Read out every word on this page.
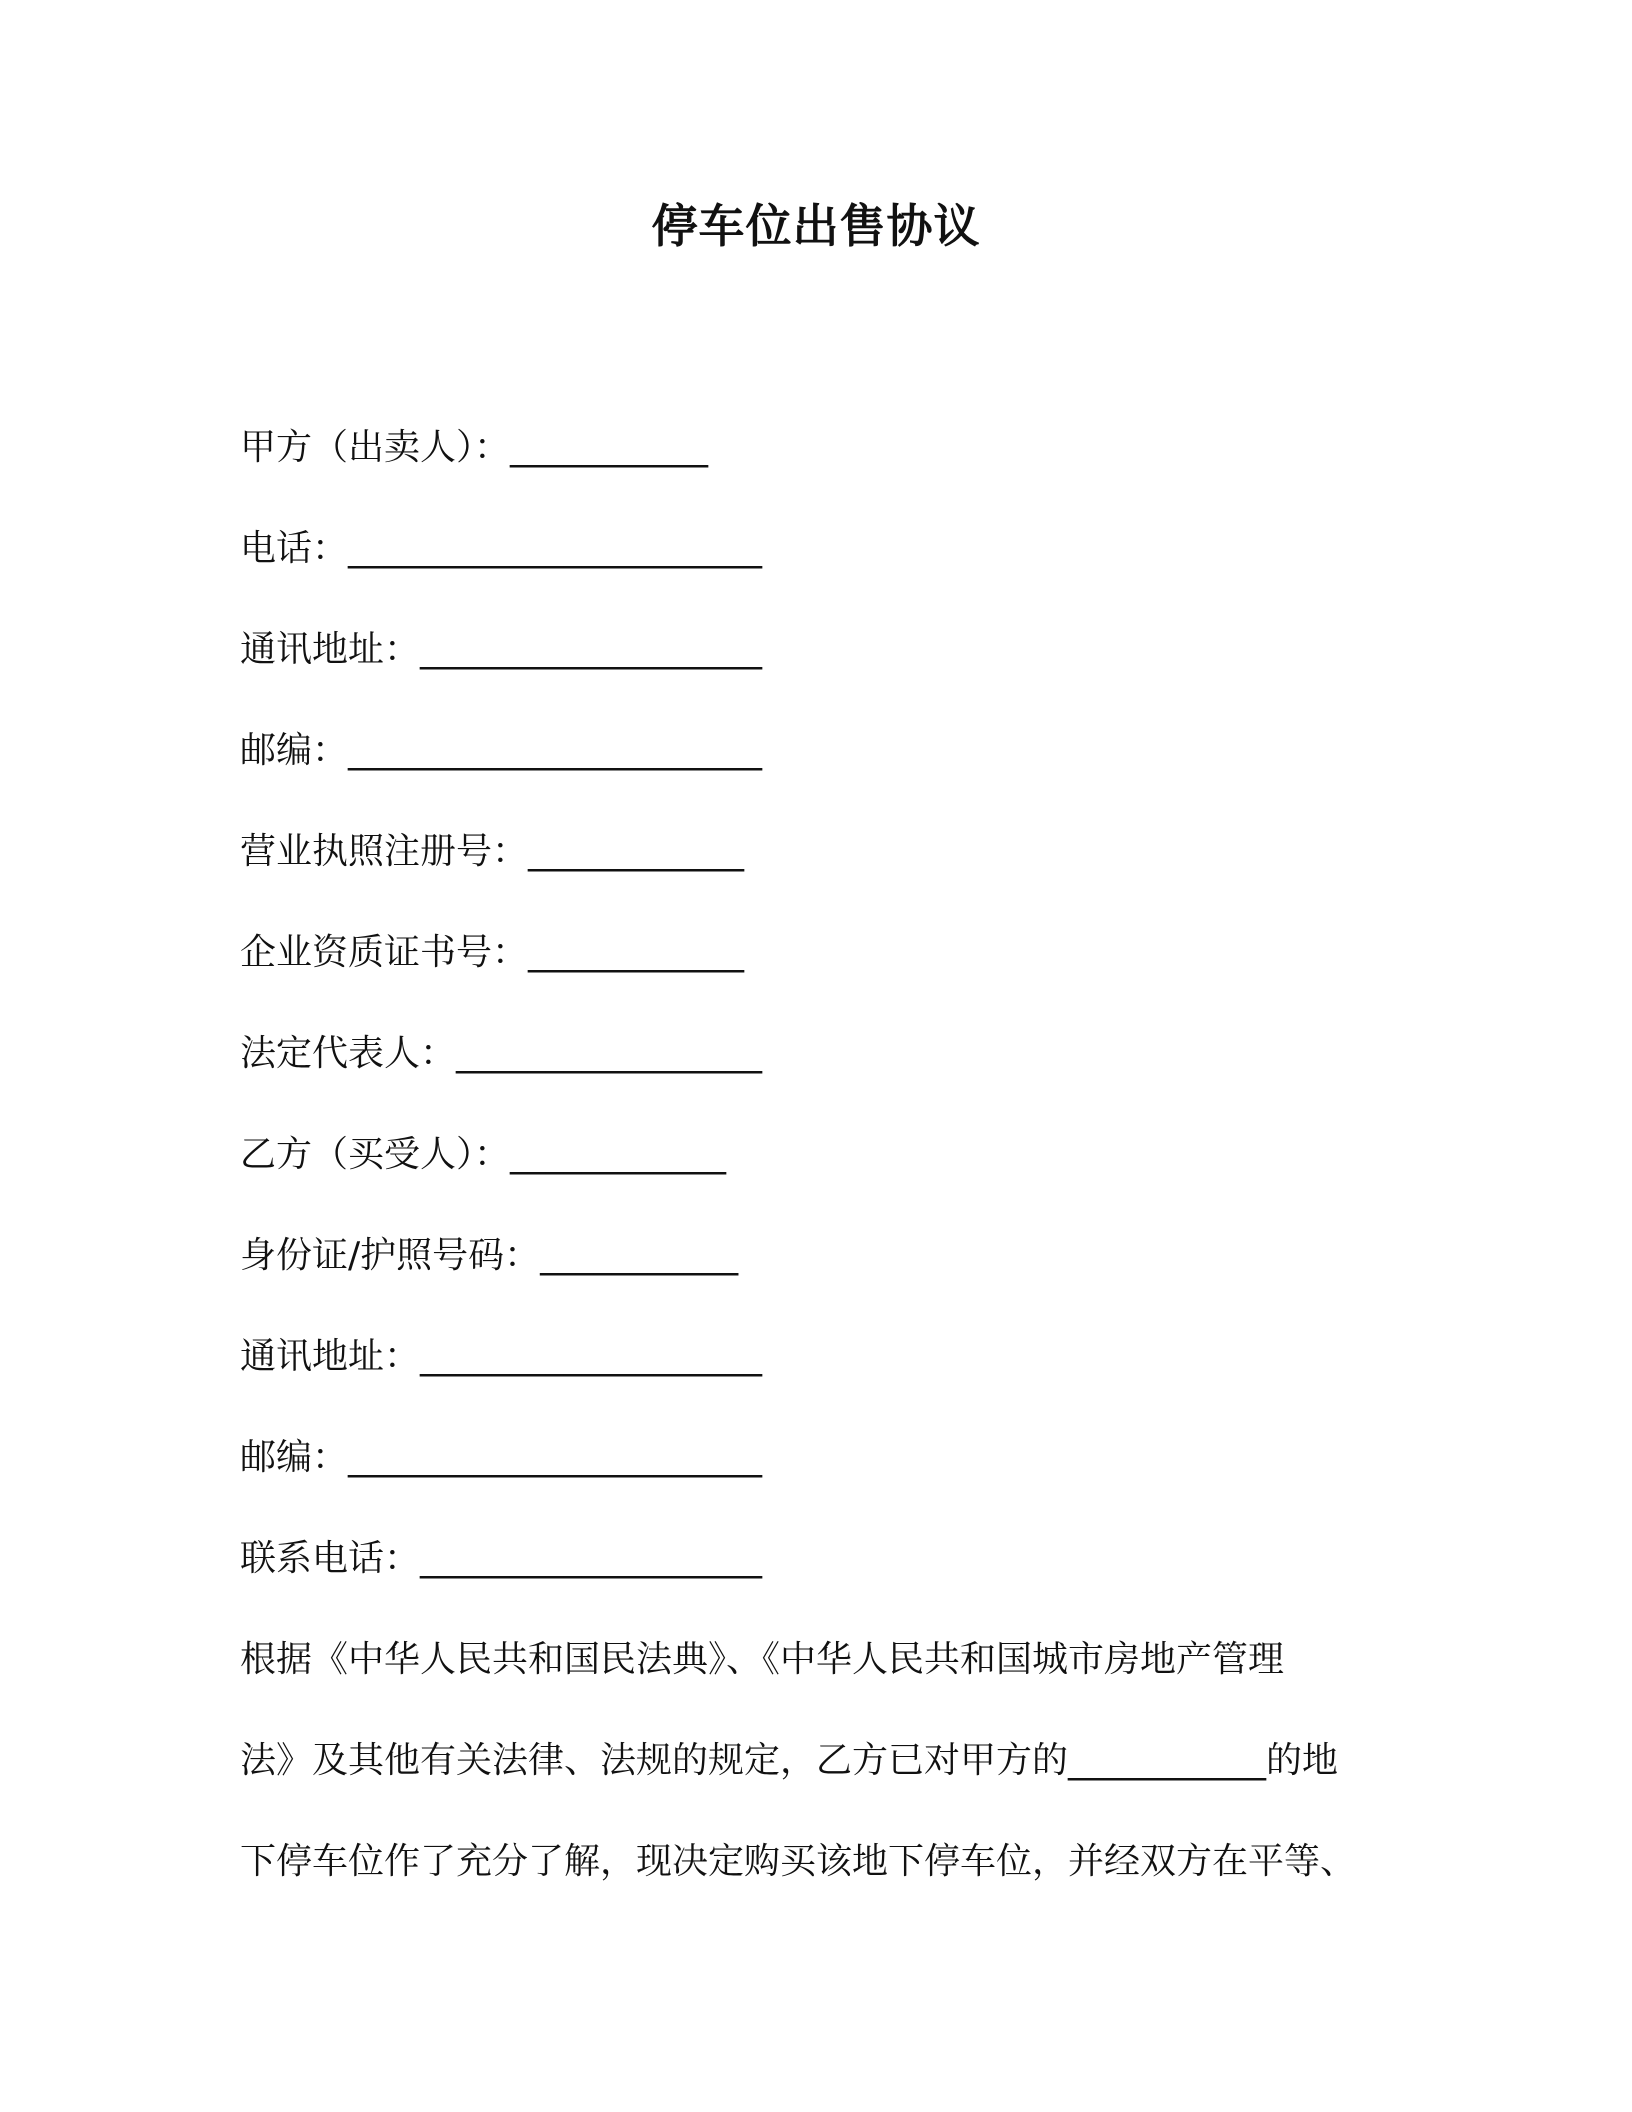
停车位出售协议
甲方（出卖人）：___________
电话：_______________________
通讯地址：___________________
邮编：_______________________
营业执照注册号：____________
企业资质证书号：____________
法定代表人：_________________
乙方（买受人）：____________
身份证/护照号码：___________
通讯地址：___________________
邮编：_______________________
联系电话：___________________
根据《中华人民共和国民法典》、《中华人民共和国城市房地产管理
法》及其他有关法律、法规的规定，乙方已对甲方的___________的地
下停车位作了充分了解，现决定购买该地下停车位，并经双方在平等、
